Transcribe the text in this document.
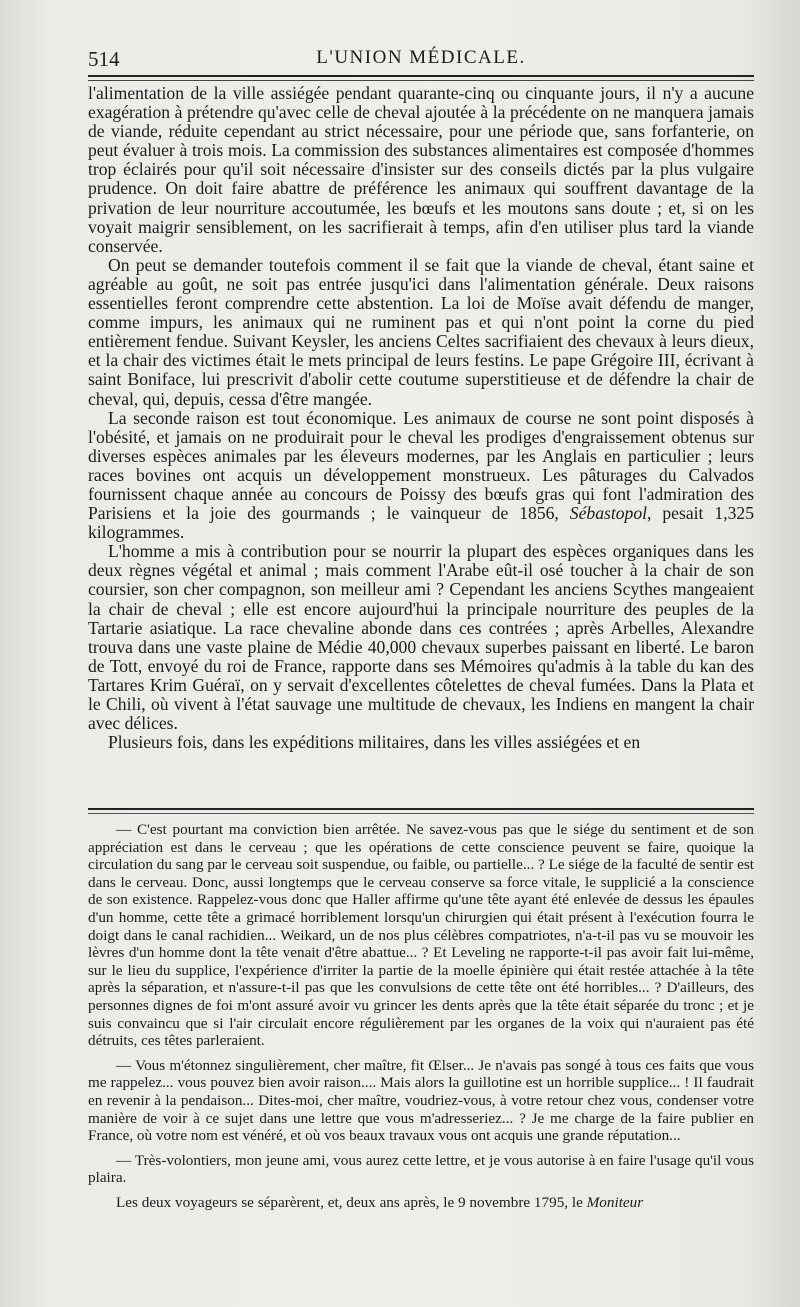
514	L'UNION MÉDICALE.

l'alimentation de la ville assiégée pendant quarante-cinq ou cinquante jours, il n'y a aucune exagération à prétendre qu'avec celle de cheval ajoutée à la précédente on ne manquera jamais de viande, réduite cependant au strict nécessaire, pour une période que, sans forfanterie, on peut évaluer à trois mois. La commission des substances alimentaires est composée d'hommes trop éclairés pour qu'il soit nécessaire d'insister sur des conseils dictés par la plus vulgaire prudence. On doit faire abattre de préférence les animaux qui souffrent davantage de la privation de leur nourriture accoutumée, les bœufs et les moutons sans doute ; et, si on les voyait maigrir sensiblement, on les sacrifierait à temps, afin d'en utiliser plus tard la viande conservée.

On peut se demander toutefois comment il se fait que la viande de cheval, étant saine et agréable au goût, ne soit pas entrée jusqu'ici dans l'alimentation générale. Deux raisons essentielles feront comprendre cette abstention. La loi de Moïse avait défendu de manger, comme impurs, les animaux qui ne ruminent pas et qui n'ont point la corne du pied entièrement fendue. Suivant Keysler, les anciens Celtes sacrifiaient des chevaux à leurs dieux, et la chair des victimes était le mets principal de leurs festins. Le pape Grégoire III, écrivant à saint Boniface, lui prescrivit d'abolir cette coutume superstitieuse et de défendre la chair de cheval, qui, depuis, cessa d'être mangée.

La seconde raison est tout économique. Les animaux de course ne sont point disposés à l'obésité, et jamais on ne produirait pour le cheval les prodiges d'engraissement obtenus sur diverses espèces animales par les éleveurs modernes, par les Anglais en particulier ; leurs races bovines ont acquis un développement monstrueux. Les pâturages du Calvados fournissent chaque année au concours de Poissy des bœufs gras qui font l'admiration des Parisiens et la joie des gourmands ; le vainqueur de 1856, Sébastopol, pesait 1,325 kilogrammes.

L'homme a mis à contribution pour se nourrir la plupart des espèces organiques dans les deux règnes végétal et animal ; mais comment l'Arabe eût-il osé toucher à la chair de son coursier, son cher compagnon, son meilleur ami ? Cependant les anciens Scythes mangeaient la chair de cheval ; elle est encore aujourd'hui la principale nourriture des peuples de la Tartarie asiatique. La race chevaline abonde dans ces contrées ; après Arbelles, Alexandre trouva dans une vaste plaine de Médie 40,000 chevaux superbes paissant en liberté. Le baron de Tott, envoyé du roi de France, rapporte dans ses Mémoires qu'admis à la table du kan des Tartares Krim Guéraï, on y servait d'excellentes côtelettes de cheval fumées. Dans la Plata et le Chili, où vivent à l'état sauvage une multitude de chevaux, les Indiens en mangent la chair avec délices.

Plusieurs fois, dans les expéditions militaires, dans les villes assiégées et en

— C'est pourtant ma conviction bien arrêtée. Ne savez-vous pas que le siége du sentiment et de son appréciation est dans le cerveau ; que les opérations de cette conscience peuvent se faire, quoique la circulation du sang par le cerveau soit suspendue, ou faible, ou partielle... ? Le siége de la faculté de sentir est dans le cerveau. Donc, aussi longtemps que le cerveau conserve sa force vitale, le supplicié a la conscience de son existence. Rappelez-vous donc que Haller affirme qu'une tête ayant été enlevée de dessus les épaules d'un homme, cette tête a grimacé horriblement lorsqu'un chirurgien qui était présent à l'exécution fourra le doigt dans le canal rachidien... Weikard, un de nos plus célèbres compatriotes, n'a-t-il pas vu se mouvoir les lèvres d'un homme dont la tête venait d'être abattue... ? Et Leveling ne rapporte-t-il pas avoir fait lui-même, sur le lieu du supplice, l'expérience d'irriter la partie de la moelle épinière qui était restée attachée à la tête après la séparation, et n'assure-t-il pas que les convulsions de cette tête ont été horribles... ? D'ailleurs, des personnes dignes de foi m'ont assuré avoir vu grincer les dents après que la tête était séparée du tronc ; et je suis convaincu que si l'air circulait encore régulièrement par les organes de la voix qui n'auraient pas été détruits, ces têtes parleraient.

— Vous m'étonnez singulièrement, cher maître, fit Œlser... Je n'avais pas songé à tous ces faits que vous me rappelez... vous pouvez bien avoir raison.... Mais alors la guillotine est un horrible supplice... ! Il faudrait en revenir à la pendaison... Dites-moi, cher maître, voudriez-vous, à votre retour chez vous, condenser votre manière de voir à ce sujet dans une lettre que vous m'adresseriez... ? Je me charge de la faire publier en France, où votre nom est vénéré, et où vos beaux travaux vous ont acquis une grande réputation...

— Très-volontiers, mon jeune ami, vous aurez cette lettre, et je vous autorise à en faire l'usage qu'il vous plaira.

Les deux voyageurs se séparèrent, et, deux ans après, le 9 novembre 1795, le Moniteur
